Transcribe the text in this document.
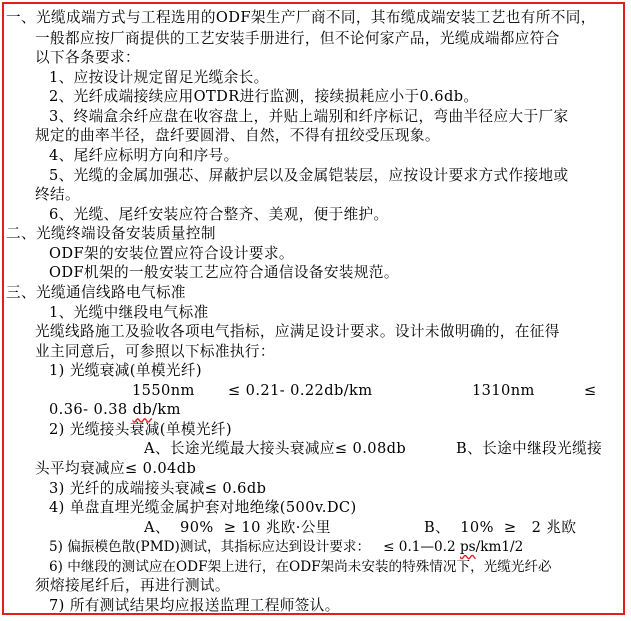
一、光缆成端方式与工程选用的ODF架生产厂商不同，其布缆成端安装工艺也有所不同，
一般都应按厂商提供的工艺安装手册进行，但不论何家产品，光缆成端都应符合
以下各条要求：
1、应按设计规定留足光缆余长。
2、光纤成端接续应用OTDR进行监测，接续损耗应小于0.6db。
3、终端盒余纤应盘在收容盘上，并贴上端别和纤序标记，弯曲半径应大于厂家
规定的曲率半径，盘纤要圆滑、自然，不得有扭绞受压现象。
4、尾纤应标明方向和序号。
5、光缆的金属加强芯、屏蔽护层以及金属铠装层，应按设计要求方式作接地或
终结。
6、光缆、尾纤安装应符合整齐、美观，便于维护。
二、光缆终端设备安装质量控制
ODF架的安装位置应符合设计要求。
ODF机架的一般安装工艺应符合通信设备安装规范。
三、光缆通信线路电气标准
1、光缆中继段电气标准
光缆线路施工及验收各项电气指标，应满足设计要求。设计未做明确的，在征得
业主同意后，可参照以下标准执行：
1) 光缆衰减(单模光纤)
1550nm ≤ 0.21- 0.22db/km	1310nm	≤
0.36- 0.38 db/km
2) 光缆接头衰减(单模光纤)
A、长途光缆最大接头衰减应≤ 0.08db	B、长途中继段光缆接
头平均衰减应≤ 0.04db
3) 光纤的成端接头衰减≤ 0.6db
4) 单盘直埋光缆金属护套对地绝缘(500v.DC)
A、  90%  ≥ 10 兆欧·公里	B、  10%  ≥   2 兆欧
5) 偏振模色散(PMD)测试，其指标应达到设计要求：   ≤ 0.1—0.2 ps/km1/2
6) 中继段的测试应在ODF架上进行，在ODF架尚未安装的特殊情况下，光缆光纤必
须熔接尾纤后，再进行测试。
7) 所有测试结果均应报送监理工程师签认。
